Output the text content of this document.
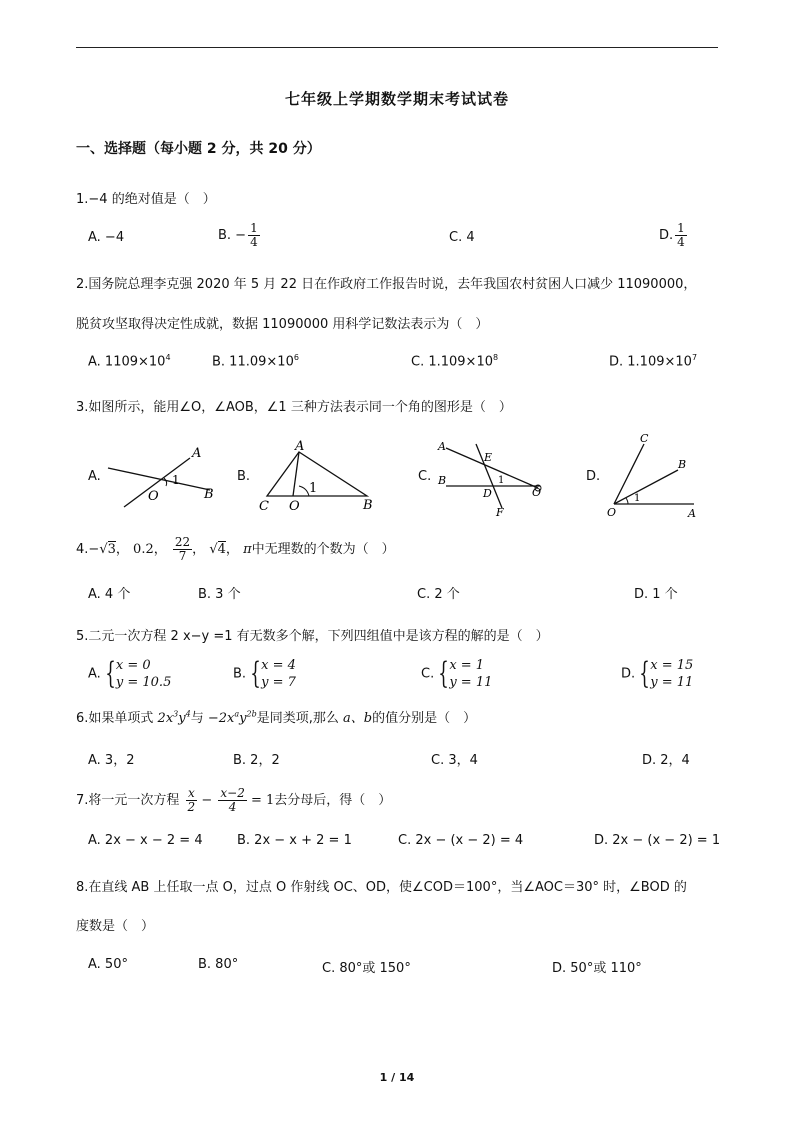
七年级上学期数学期末考试试卷
一、选择题（每小题 2 分，共 20 分）
1.−4 的绝对值是（　）
A. −4	B. − $\frac{1}{4}$	C. 4	D. $\frac{1}{4}$
2.国务院总理李克强 2020 年 5 月 22 日在作政府工作报告时说，去年我国农村贫困人口减少 11090000，
脱贫攻坚取得决定性成就，数据 11090000 用科学记数法表示为（　）
A. $1109\times 10^4$	B. $11.09\times 10^6$	C. $1.109\times 10^8$	D. $1.109\times 10^7$
3.如图所示，能用∠O，∠AOB，∠1 三种方法表示同一个角的图形是（　）
A.	B.	C.	D.
A
B
O
1
A
B
C O
1
A
B
E
D
F
O
1
C
B
A
O
1
4.−√3， 0.2， $\frac{22}{7}$ ， √4， π中无理数的个数为（　）
A. 4 个	B. 3 个	C. 2 个	D. 1 个
5.二元一次方程 2 x−y =1 有无数多个解，下列四组值中是该方程的解的是（　）
A. { x = 0
y = 10.5
B. { x = 4
y = 7
C. { x = 1
y = 11
D. { x = 15
y = 11
6.如果单项式 $2x^3y^4$与 $-2x^ay^{2b}$是同类项,那么 a、b的值分别是（　）
A. 3，2	B. 2，2	C. 3，4	D. 2，4
7.将一元一次方程 $\frac{x}{2} - \frac{x-2}{4} = 1$去分母后，得（　）
A. 2x − x − 2 = 4	B. 2x − x + 2 = 1	C. 2x − (x − 2) = 4	D. 2x − (x − 2) = 1
8.在直线 AB 上任取一点 O，过点 O 作射线 OC、OD，使∠COD＝100°，当∠AOC＝30° 时，∠BOD 的
度数是（　）
A. 50°	B. 80°	C. 80°或 150°	D. 50°或 110°
1 / 14
